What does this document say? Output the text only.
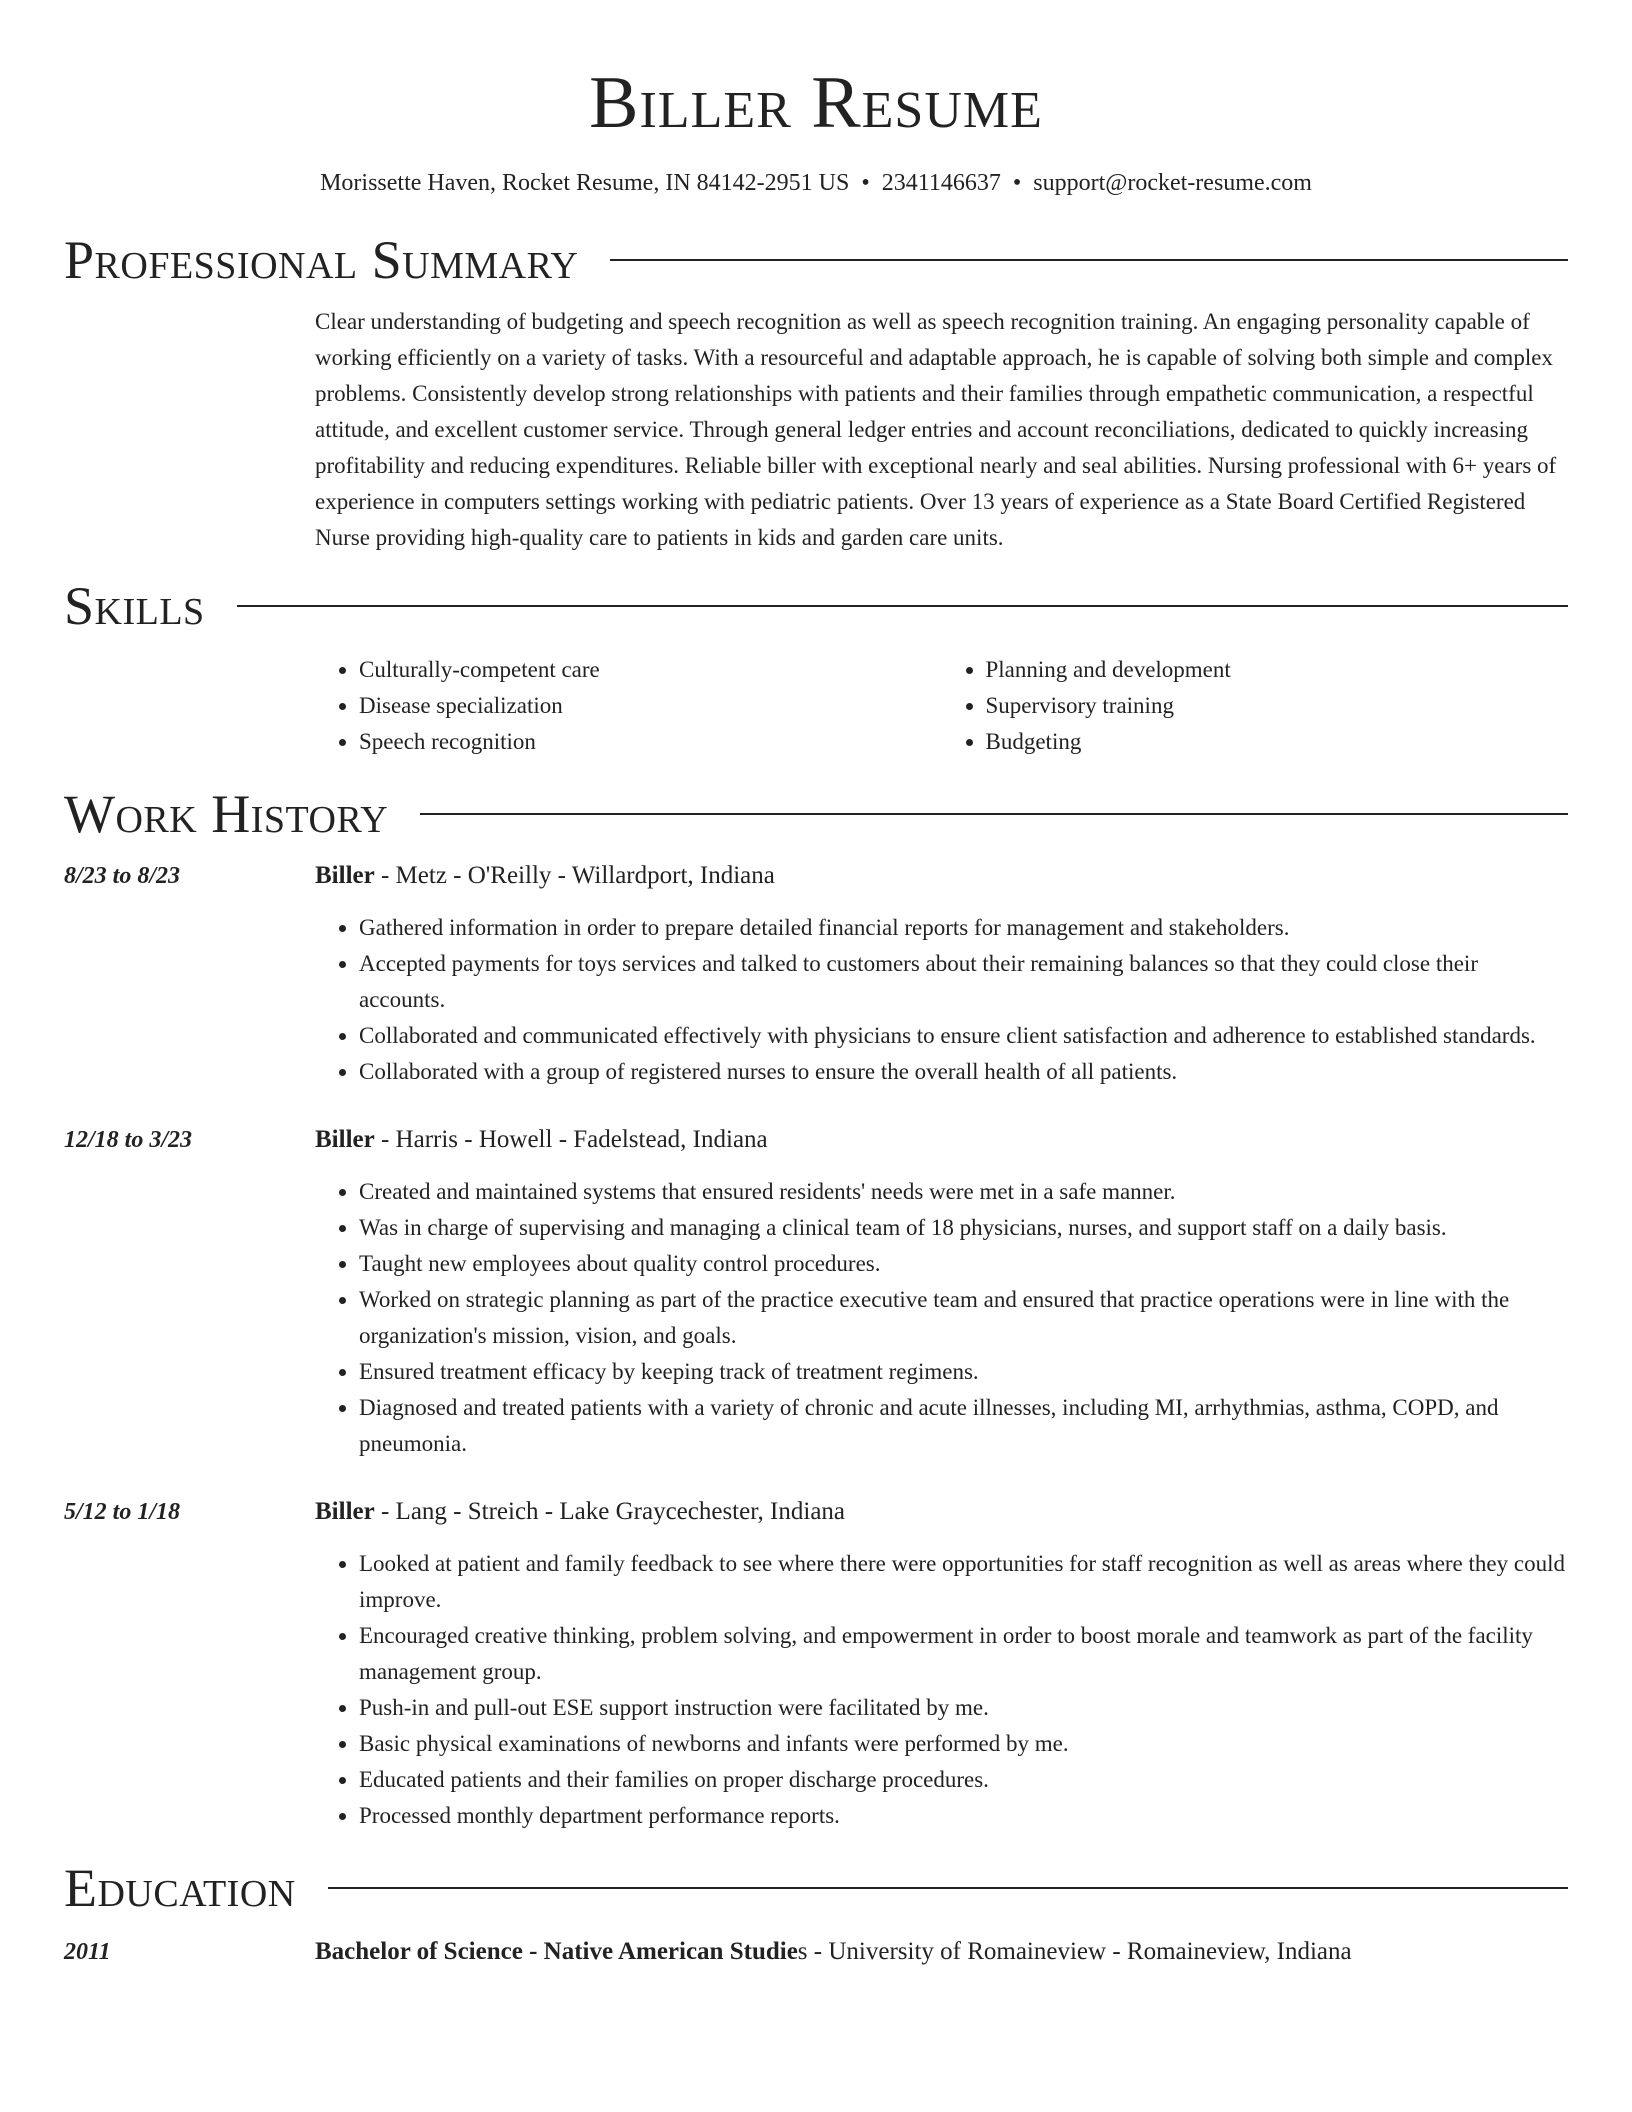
Biller Resume
Morissette Haven, Rocket Resume, IN 84142-2951 US • 2341146637 • support@rocket-resume.com
Professional Summary
Clear understanding of budgeting and speech recognition as well as speech recognition training. An engaging personality capable of working efficiently on a variety of tasks. With a resourceful and adaptable approach, he is capable of solving both simple and complex problems. Consistently develop strong relationships with patients and their families through empathetic communication, a respectful attitude, and excellent customer service. Through general ledger entries and account reconciliations, dedicated to quickly increasing profitability and reducing expenditures. Reliable biller with exceptional nearly and seal abilities. Nursing professional with 6+ years of experience in computers settings working with pediatric patients. Over 13 years of experience as a State Board Certified Registered Nurse providing high-quality care to patients in kids and garden care units.
Skills
• Culturally-competent care
• Disease specialization
• Speech recognition
• Planning and development
• Supervisory training
• Budgeting
Work History
8/23 to 8/23	Biller - Metz - O'Reilly - Willardport, Indiana
• Gathered information in order to prepare detailed financial reports for management and stakeholders.
• Accepted payments for toys services and talked to customers about their remaining balances so that they could close their accounts.
• Collaborated and communicated effectively with physicians to ensure client satisfaction and adherence to established standards.
• Collaborated with a group of registered nurses to ensure the overall health of all patients.
12/18 to 3/23	Biller - Harris - Howell - Fadelstead, Indiana
• Created and maintained systems that ensured residents' needs were met in a safe manner.
• Was in charge of supervising and managing a clinical team of 18 physicians, nurses, and support staff on a daily basis.
• Taught new employees about quality control procedures.
• Worked on strategic planning as part of the practice executive team and ensured that practice operations were in line with the organization's mission, vision, and goals.
• Ensured treatment efficacy by keeping track of treatment regimens.
• Diagnosed and treated patients with a variety of chronic and acute illnesses, including MI, arrhythmias, asthma, COPD, and pneumonia.
5/12 to 1/18	Biller - Lang - Streich - Lake Graycechester, Indiana
• Looked at patient and family feedback to see where there were opportunities for staff recognition as well as areas where they could improve.
• Encouraged creative thinking, problem solving, and empowerment in order to boost morale and teamwork as part of the facility management group.
• Push-in and pull-out ESE support instruction were facilitated by me.
• Basic physical examinations of newborns and infants were performed by me.
• Educated patients and their families on proper discharge procedures.
• Processed monthly department performance reports.
Education
2011	Bachelor of Science - Native American Studies - University of Romaineview - Romaineview, Indiana
